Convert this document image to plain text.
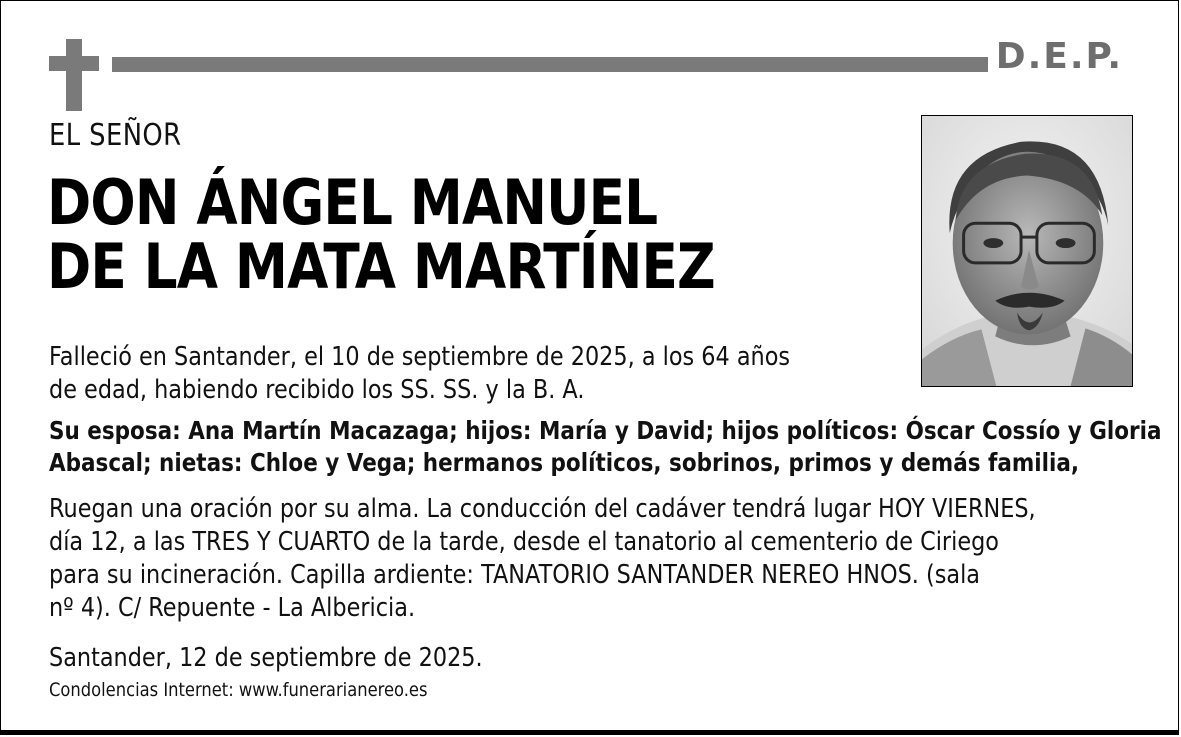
D.E.P.
EL SEÑOR
DON ÁNGEL MANUEL
DE LA MATA MARTÍNEZ
Falleció en Santander, el 10 de septiembre de 2025, a los 64 años
de edad, habiendo recibido los SS. SS. y la B. A.
Su esposa: Ana Martín Macazaga; hijos: María y David; hijos políticos: Óscar Cossío y Gloria
Abascal; nietas: Chloe y Vega; hermanos políticos, sobrinos, primos y demás familia,
Ruegan una oración por su alma. La conducción del cadáver tendrá lugar HOY VIERNES,
día 12, a las TRES Y CUARTO de la tarde, desde el tanatorio al cementerio de Ciriego
para su incineración. Capilla ardiente: TANATORIO SANTANDER NEREO HNOS. (sala
nº 4). C/ Repuente - La Albericia.
Santander, 12 de septiembre de 2025.
Condolencias Internet: www.funerarianereo.es
